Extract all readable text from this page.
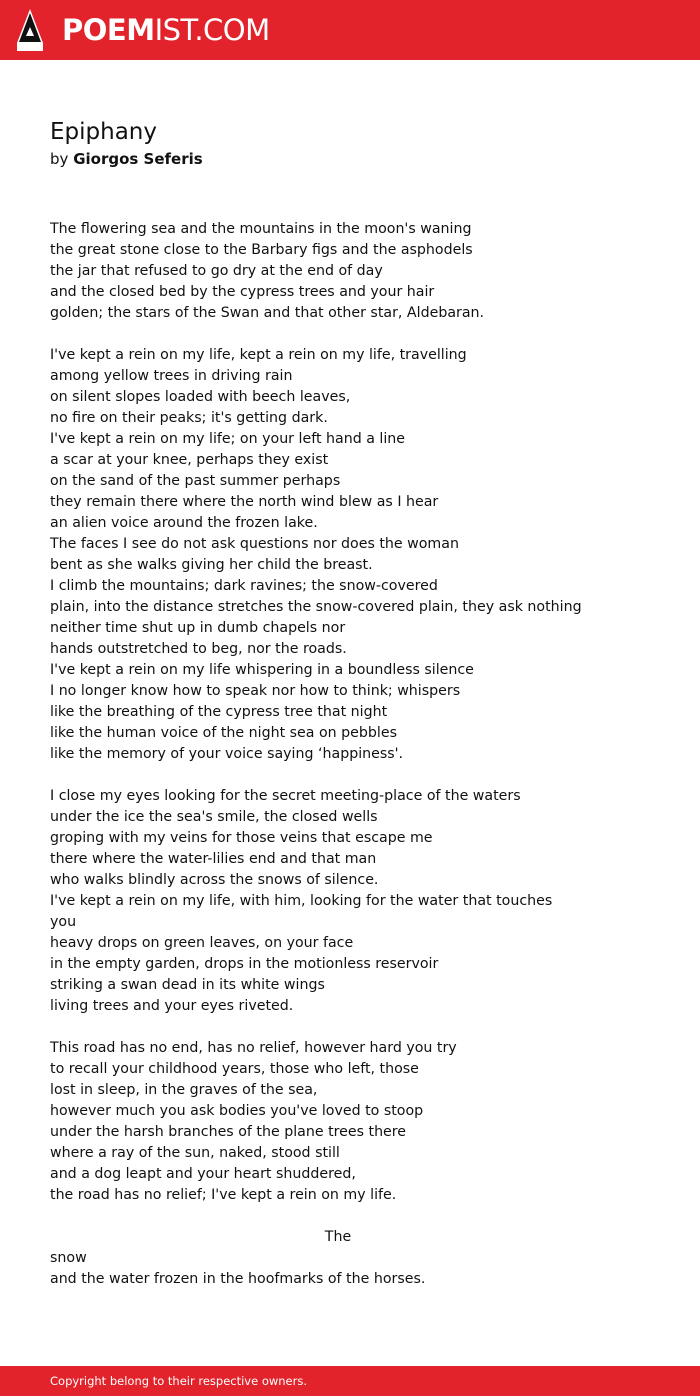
POEMIST.COM
Epiphany
by Giorgos Seferis
The flowering sea and the mountains in the moon's waning
the great stone close to the Barbary figs and the asphodels
the jar that refused to go dry at the end of day
and the closed bed by the cypress trees and your hair
golden; the stars of the Swan and that other star, Aldebaran.
I've kept a rein on my life, kept a rein on my life, travelling
among yellow trees in driving rain
on silent slopes loaded with beech leaves,
no fire on their peaks; it's getting dark.
I've kept a rein on my life; on your left hand a line
a scar at your knee, perhaps they exist
on the sand of the past summer perhaps
they remain there where the north wind blew as I hear
an alien voice around the frozen lake.
The faces I see do not ask questions nor does the woman
bent as she walks giving her child the breast.
I climb the mountains; dark ravines; the snow-covered
plain, into the distance stretches the snow-covered plain, they ask nothing
neither time shut up in dumb chapels nor
hands outstretched to beg, nor the roads.
I've kept a rein on my life whispering in a boundless silence
I no longer know how to speak nor how to think; whispers
like the breathing of the cypress tree that night
like the human voice of the night sea on pebbles
like the memory of your voice saying ‘happiness'.
I close my eyes looking for the secret meeting-place of the waters
under the ice the sea's smile, the closed wells
groping with my veins for those veins that escape me
there where the water-lilies end and that man
who walks blindly across the snows of silence.
I've kept a rein on my life, with him, looking for the water that touches
you
heavy drops on green leaves, on your face
in the empty garden, drops in the motionless reservoir
striking a swan dead in its white wings
living trees and your eyes riveted.
This road has no end, has no relief, however hard you try
to recall your childhood years, those who left, those
lost in sleep, in the graves of the sea,
however much you ask bodies you've loved to stoop
under the harsh branches of the plane trees there
where a ray of the sun, naked, stood still
and a dog leapt and your heart shuddered,
the road has no relief; I've kept a rein on my life.
The
snow
and the water frozen in the hoofmarks of the horses.
Copyright belong to their respective owners.
